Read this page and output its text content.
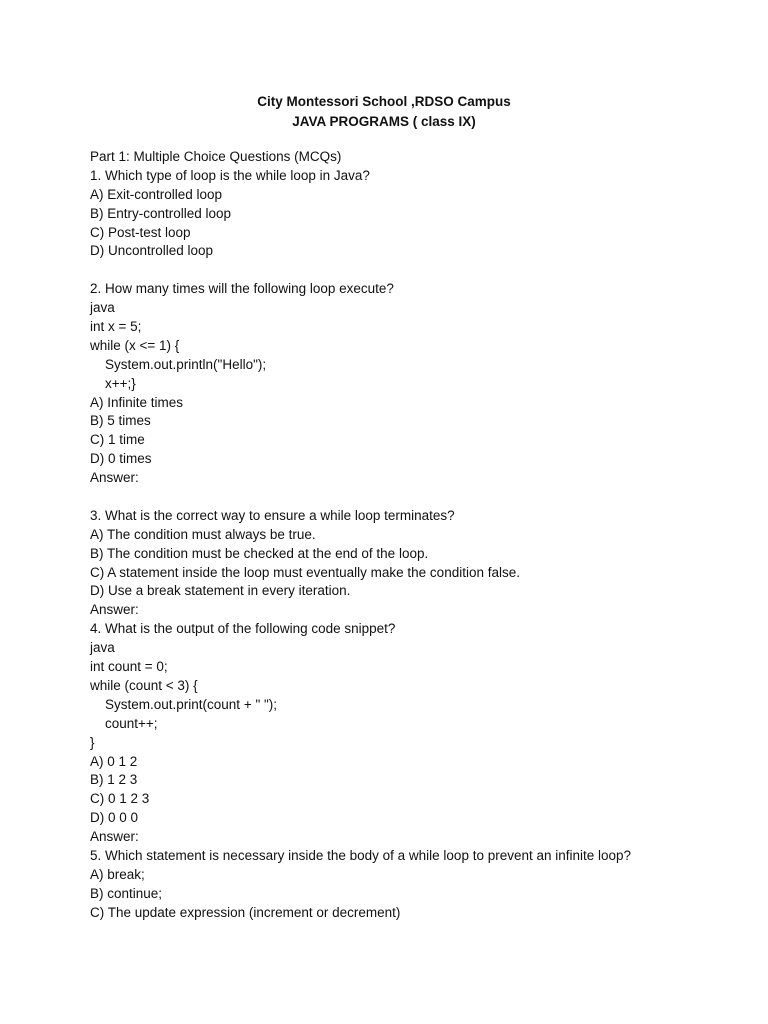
City Montessori School ,RDSO Campus
JAVA PROGRAMS ( class IX)
Part 1: Multiple Choice Questions (MCQs)
1. Which type of loop is the while loop in Java?
A) Exit-controlled loop
B) Entry-controlled loop
C) Post-test loop
D) Uncontrolled loop
2. How many times will the following loop execute?
java
int x = 5;
while (x <= 1) {
System.out.println("Hello");
x++;}
A) Infinite times
B) 5 times
C) 1 time
D) 0 times
Answer:
3. What is the correct way to ensure a while loop terminates?
A) The condition must always be true.
B) The condition must be checked at the end of the loop.
C) A statement inside the loop must eventually make the condition false.
D) Use a break statement in every iteration.
Answer:
4. What is the output of the following code snippet?
java
int count = 0;
while (count < 3) {
System.out.print(count + " ");
count++;
}
A) 0 1 2
B) 1 2 3
C) 0 1 2 3
D) 0 0 0
Answer:
5. Which statement is necessary inside the body of a while loop to prevent an infinite loop?
A) break;
B) continue;
C) The update expression (increment or decrement)
